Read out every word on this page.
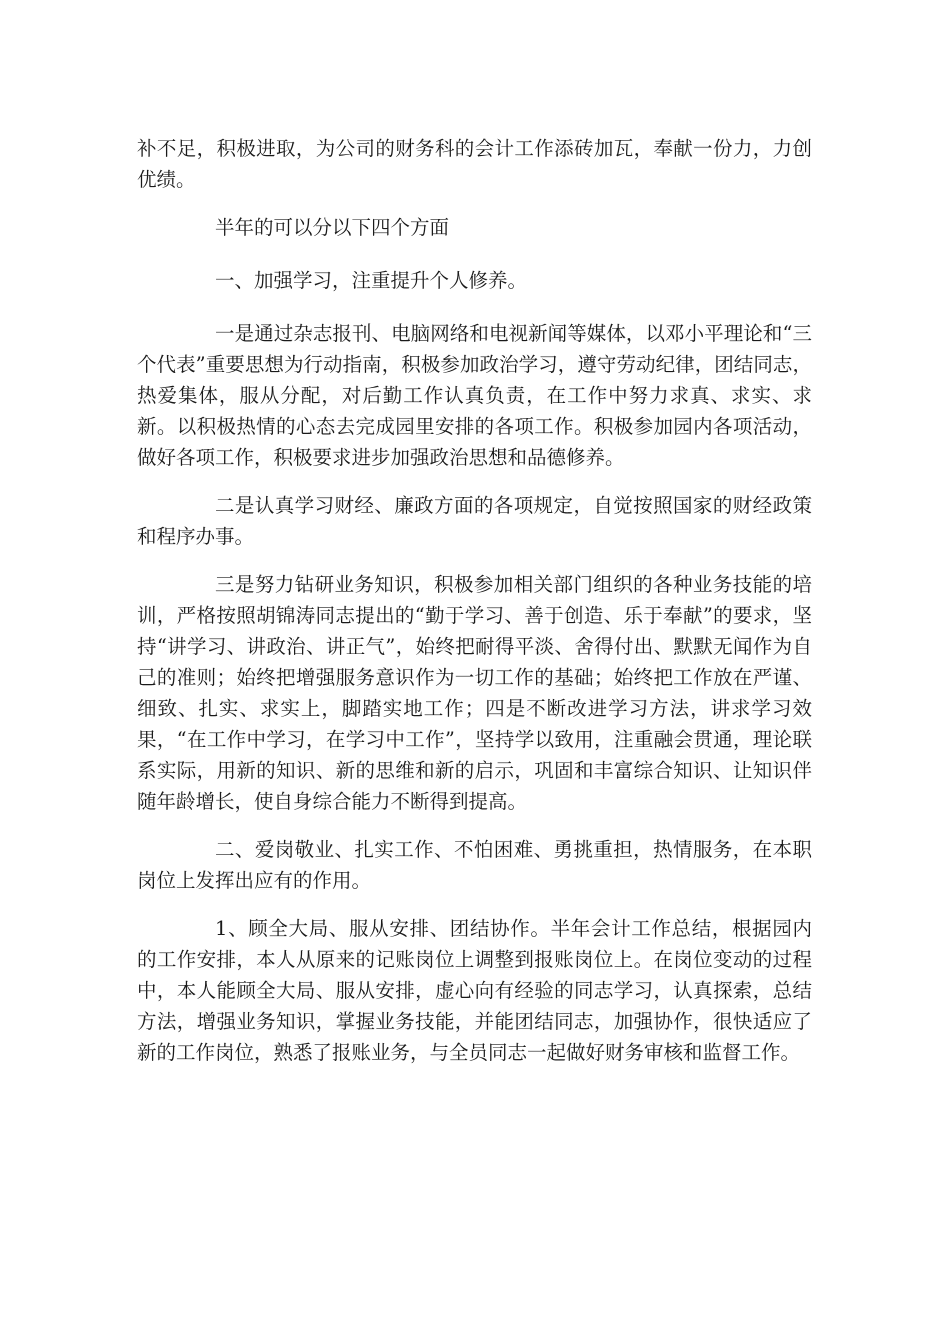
补不足，积极进取，为公司的财务科的会计工作添砖加瓦，奉献一份力，力创优绩。

半年的可以分以下四个方面

一、加强学习，注重提升个人修养。

一是通过杂志报刊、电脑网络和电视新闻等媒体，以邓小平理论和“三个代表”重要思想为行动指南，积极参加政治学习，遵守劳动纪律，团结同志，热爱集体，服从分配，对后勤工作认真负责，在工作中努力求真、求实、求新。以积极热情的心态去完成园里安排的各项工作。积极参加园内各项活动，做好各项工作，积极要求进步加强政治思想和品德修养。

二是认真学习财经、廉政方面的各项规定，自觉按照国家的财经政策和程序办事。

三是努力钻研业务知识，积极参加相关部门组织的各种业务技能的培训，严格按照胡锦涛同志提出的“勤于学习、善于创造、乐于奉献”的要求，坚持“讲学习、讲政治、讲正气”，始终把耐得平淡、舍得付出、默默无闻作为自己的准则；始终把增强服务意识作为一切工作的基础；始终把工作放在严谨、细致、扎实、求实上，脚踏实地工作；四是不断改进学习方法，讲求学习效果，“在工作中学习，在学习中工作”，坚持学以致用，注重融会贯通，理论联系实际，用新的知识、新的思维和新的启示，巩固和丰富综合知识、让知识伴随年龄增长，使自身综合能力不断得到提高。

二、爱岗敬业、扎实工作、不怕困难、勇挑重担，热情服务，在本职岗位上发挥出应有的作用。

1、顾全大局、服从安排、团结协作。半年会计工作总结，根据园内的工作安排，本人从原来的记账岗位上调整到报账岗位上。在岗位变动的过程中，本人能顾全大局、服从安排，虚心向有经验的同志学习，认真探索，总结方法，增强业务知识，掌握业务技能，并能团结同志，加强协作，很快适应了新的工作岗位，熟悉了报账业务，与全员同志一起做好财务审核和监督工作。
